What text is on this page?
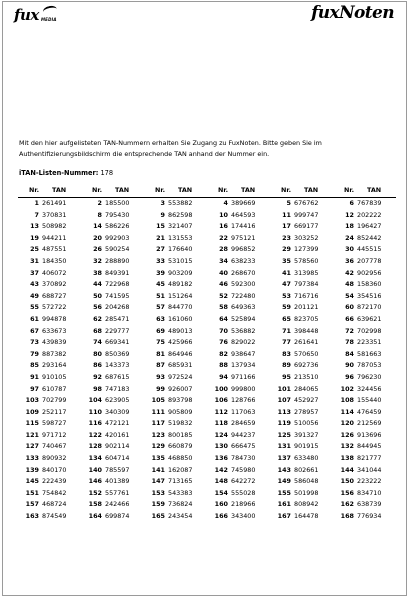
fux MEDIA	fuxNoten
Mit den hier aufgelisteten TAN-Nummern erhalten Sie Zugang zu FuxNoten. Bitte geben Sie im Authentifizierungsbildschirm die entsprechende TAN anhand der Nummer ein.
iTAN-Listen-Nummer: 178
Nr.	TAN	Nr.	TAN	Nr.	TAN	Nr.	TAN	Nr.	TAN	Nr.	TAN
1	261491	2	185500	3	553882	4	389669	5	676762	6	767839
7	370831	8	795430	9	862598	10	464593	11	999747	12	202222
13	508982	14	586226	15	321407	16	174416	17	669177	18	196427
19	944211	20	992903	21	131553	22	975121	23	303252	24	852442
25	487551	26	590254	27	176640	28	996852	29	127399	30	445515
31	184350	32	288890	33	531015	34	638233	35	578560	36	207778
37	406072	38	849391	39	903209	40	268670	41	313985	42	902956
43	370892	44	722968	45	489182	46	592300	47	797384	48	158360
49	688727	50	741595	51	151264	52	722480	53	716716	54	354516
55	572722	56	204268	57	844770	58	649363	59	201121	60	872170
61	994878	62	285471	63	161060	64	525894	65	823705	66	639621
67	633673	68	229777	69	489013	70	536882	71	398448	72	702998
73	439839	74	669341	75	425966	76	829022	77	261641	78	223351
79	887382	80	850369	81	864946	82	938647	83	570650	84	581663
85	293164	86	143373	87	685931	88	137934	89	692736	90	787053
91	910105	92	687615	93	972524	94	971166	95	213510	96	796230
97	610787	98	747183	99	926007	100	999800	101	284065	102	324456
103	702799	104	623905	105	893798	106	128766	107	452927	108	155440
109	252117	110	340309	111	905809	112	117063	113	278957	114	476459
115	598727	116	472121	117	519832	118	284659	119	510056	120	212569
121	971712	122	420161	123	800185	124	944237	125	391327	126	913696
127	740467	128	902114	129	660879	130	666475	131	901915	132	844945
133	890932	134	604714	135	468850	136	784730	137	633480	138	821777
139	840170	140	785597	141	162087	142	745980	143	802661	144	341044
145	222439	146	401389	147	713165	148	642272	149	586048	150	223222
151	754842	152	557761	153	543383	154	555028	155	501998	156	834710
157	468724	158	242466	159	736824	160	218966	161	808942	162	638739
163	874549	164	699874	165	243454	166	343400	167	164478	168	776934
